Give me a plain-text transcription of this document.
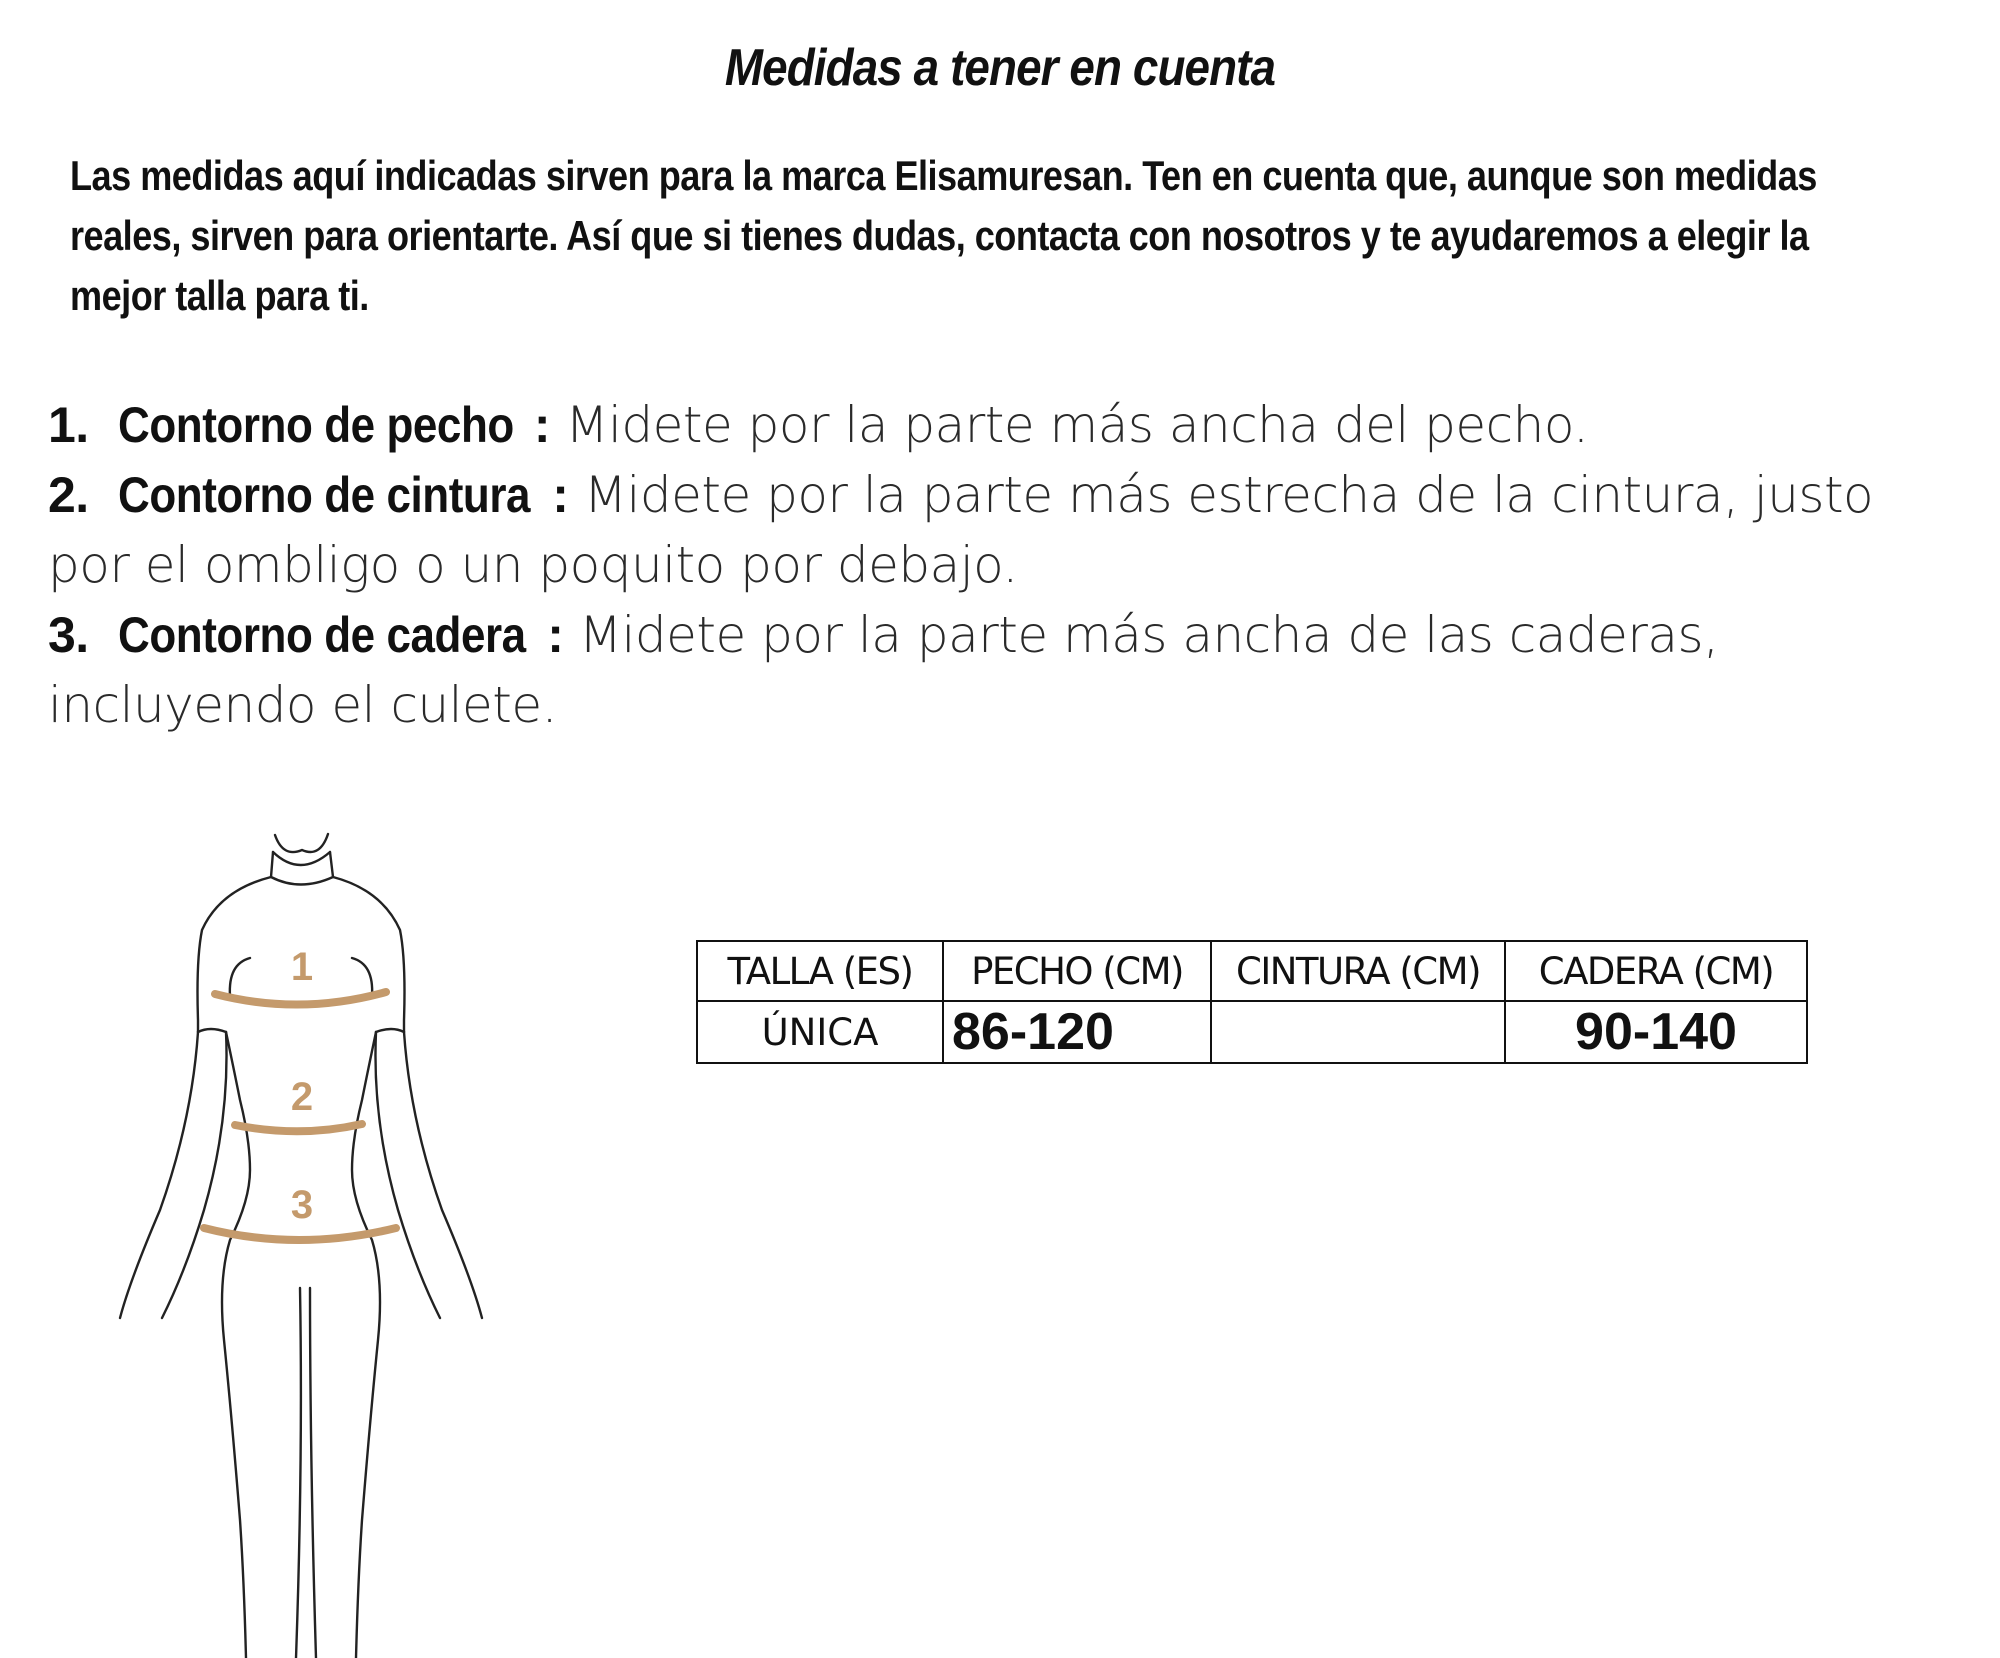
Medidas a tener en cuenta

Las medidas aquí indicadas sirven para la marca Elisamuresan. Ten en cuenta que, aunque son medidas reales, sirven para orientarte. Así que si tienes dudas, contacta con nosotros y te ayudaremos a elegir la mejor talla para ti.

1. Contorno de pecho : Midete por la parte más ancha del pecho.
2. Contorno de cintura : Midete por la parte más estrecha de la cintura, justo por el ombligo o un poquito por debajo.
3. Contorno de cadera : Midete por la parte más ancha de las caderas, incluyendo el culete.
1
2
3
TALLA (ES)	PECHO (CM)	CINTURA (CM)	CADERA (CM)
ÚNICA	86-120		90-140
